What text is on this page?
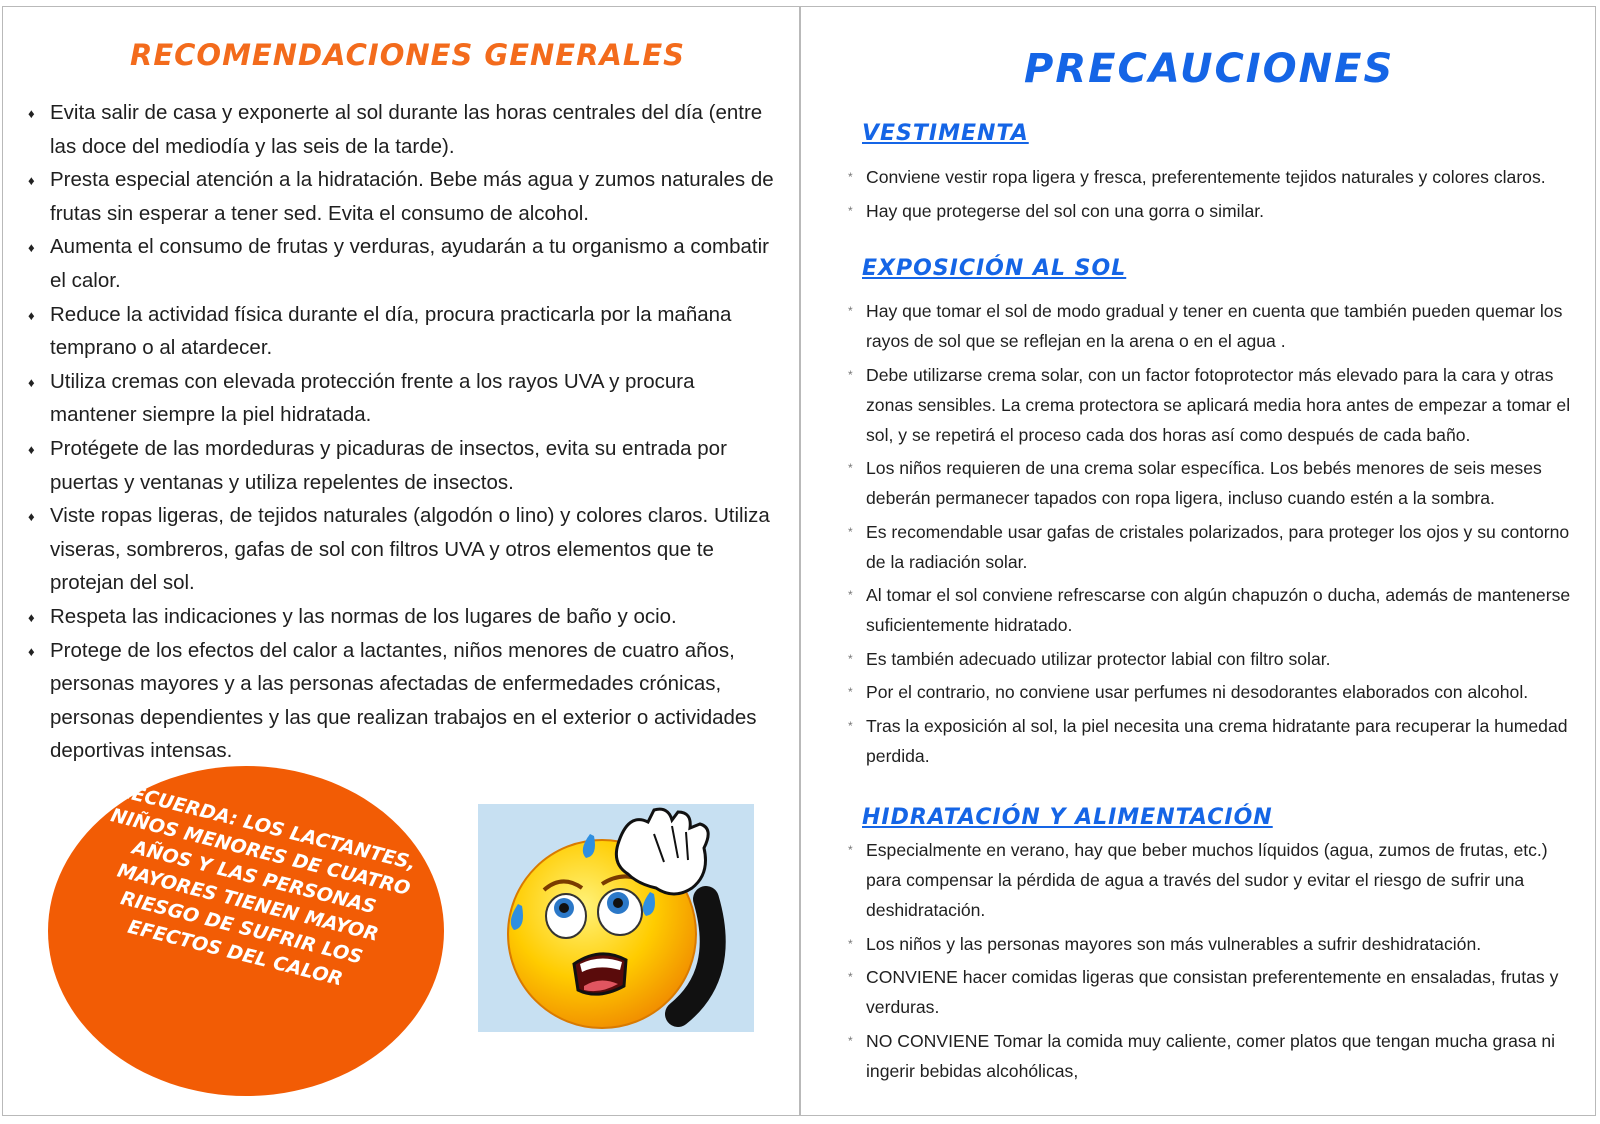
RECOMENDACIONES GENERALES
♦ Evita salir de casa y exponerte al sol durante las horas centrales del día (entre las doce del mediodía y las seis de la tarde).
♦ Presta especial atención a la hidratación. Bebe más agua y zumos naturales de frutas sin esperar a tener sed. Evita el consumo de alcohol.
♦ Aumenta el consumo de frutas y verduras, ayudarán a tu organismo a combatir el calor.
♦ Reduce la actividad física durante el día, procura practicarla por la mañana temprano o al atardecer.
♦ Utiliza cremas con elevada protección frente a los rayos UVA y procura mantener siempre la piel hidratada.
♦ Protégete de las mordeduras y picaduras de insectos, evita su entrada por puertas y ventanas y utiliza repelentes de insectos.
♦ Viste ropas ligeras, de tejidos naturales (algodón o lino) y colores claros. Utiliza viseras, sombreros, gafas de sol con filtros UVA y otros elementos que te protejan del sol.
♦ Respeta las indicaciones y las normas de los lugares de baño y ocio.
♦ Protege de los efectos del calor a lactantes, niños menores de cuatro años, personas mayores y a las personas afectadas de enfermedades crónicas, personas dependientes y las que realizan trabajos en el exterior o actividades deportivas intensas.
RECUERDA: LOS LACTANTES, NIÑOS MENORES DE CUATRO AÑOS Y LAS PERSONAS MAYORES TIENEN MAYOR RIESGO DE SUFRIR LOS EFECTOS DEL CALOR
PRECAUCIONES
VESTIMENTA
* Conviene vestir ropa ligera y fresca, preferentemente tejidos naturales y colores claros.
* Hay que protegerse del sol con una gorra o similar.
EXPOSICIÓN AL SOL
* Hay que tomar el sol de modo gradual y tener en cuenta que también pueden quemar los rayos de sol que se reflejan en la arena o en el agua .
* Debe utilizarse crema solar, con un factor fotoprotector más elevado para la cara y otras zonas sensibles. La crema protectora se aplicará media hora antes de empezar a tomar el sol, y se repetirá el proceso cada dos horas así como después de cada baño.
* Los niños requieren de una crema solar específica. Los bebés menores de seis meses deberán permanecer tapados con ropa ligera, incluso cuando estén a la sombra.
* Es recomendable usar gafas de cristales polarizados, para proteger los ojos y su contorno de la radiación solar.
* Al tomar el sol conviene refrescarse con algún chapuzón o ducha, además de mantenerse suficientemente hidratado.
* Es también adecuado utilizar protector labial con filtro solar.
* Por el contrario, no conviene usar perfumes ni desodorantes elaborados con alcohol.
* Tras la exposición al sol, la piel necesita una crema hidratante para recuperar la humedad perdida.
HIDRATACIÓN Y ALIMENTACIÓN
* Especialmente en verano, hay que beber muchos líquidos (agua, zumos de frutas, etc.) para compensar la pérdida de agua a través del sudor y evitar el riesgo de sufrir una deshidratación.
* Los niños y las personas mayores son más vulnerables a sufrir deshidratación.
* CONVIENE hacer comidas ligeras que consistan preferentemente en ensaladas, frutas y verduras.
* NO CONVIENE Tomar la comida muy caliente, comer platos que tengan mucha grasa ni ingerir bebidas alcohólicas,
